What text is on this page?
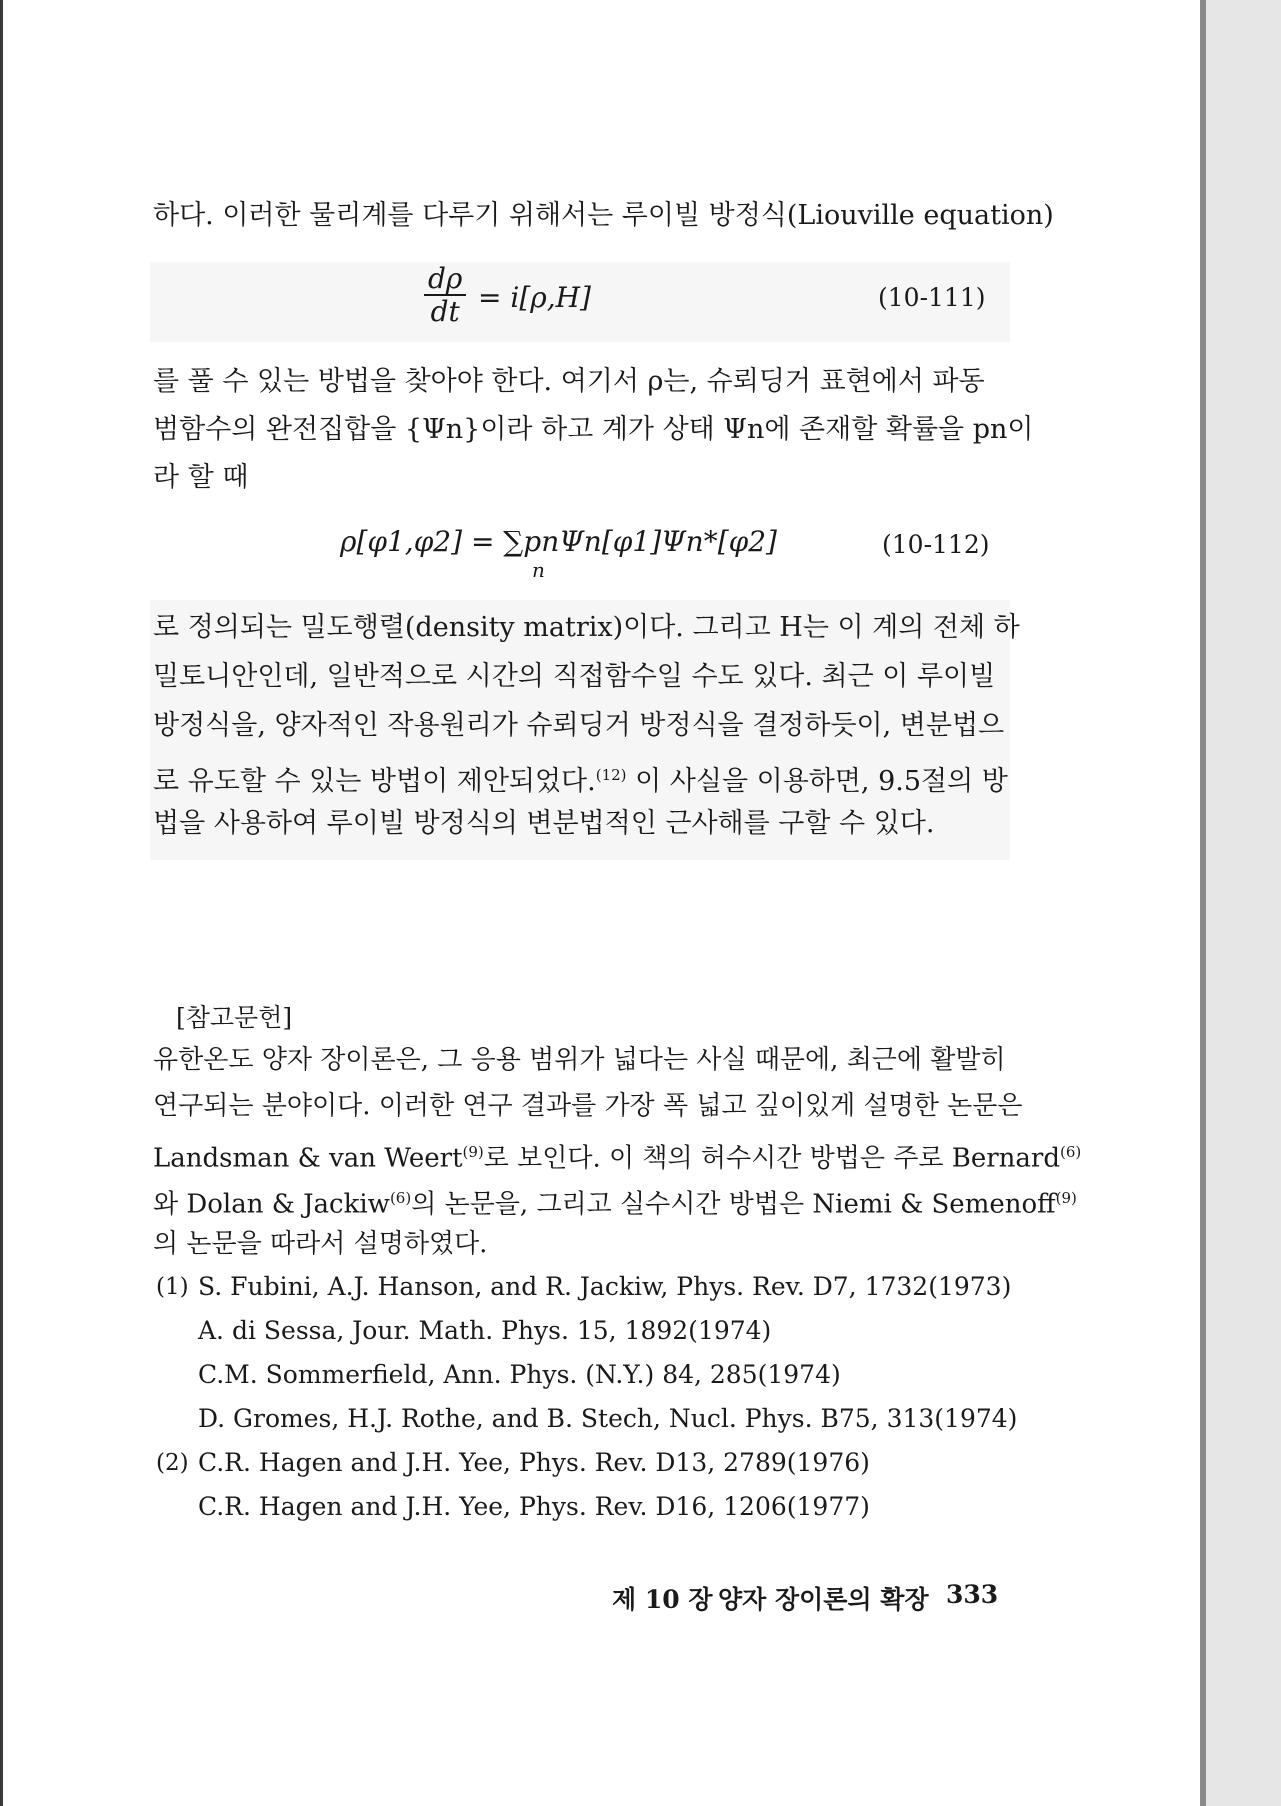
하다. 이러한 물리계를 다루기 위해서는 루이빌 방정식(Liouville equation)
$\frac{d\rho}{dt} = i[\rho,H]$	(10-111)
를 풀 수 있는 방법을 찾아야 한다. 여기서 ρ는, 슈뢰딩거 표현에서 파동
범함수의 완전집합을 {Ψn}이라 하고 계가 상태 Ψn에 존재할 확률을 pn이
라 할 때
ρ[φ1,φ2] = ∑pnΨn[φ1]Ψn*[φ2]
n
(10-112)
로 정의되는 밀도행렬(density matrix)이다. 그리고 H는 이 계의 전체 하
밀토니안인데, 일반적으로 시간의 직접함수일 수도 있다. 최근 이 루이빌
방정식을, 양자적인 작용원리가 슈뢰딩거 방정식을 결정하듯이, 변분법으
로 유도할 수 있는 방법이 제안되었다.$^{(12)}$ 이 사실을 이용하면, 9.5절의 방
법을 사용하여 루이빌 방정식의 변분법적인 근사해를 구할 수 있다.
[참고문헌]
유한온도 양자 장이론은, 그 응용 범위가 넓다는 사실 때문에, 최근에 활발히
연구되는 분야이다. 이러한 연구 결과를 가장 폭 넓고 깊이있게 설명한 논문은
Landsman & van Weert$^{(9)}$로 보인다. 이 책의 허수시간 방법은 주로 Bernard$^{(6)}$
와 Dolan & Jackiw$^{(6)}$의 논문을, 그리고 실수시간 방법은 Niemi & Semenoff$^{(9)}$
의 논문을 따라서 설명하였다.
(1) S. Fubini, A.J. Hanson, and R. Jackiw, Phys. Rev. D7, 1732(1973)
A. di Sessa, Jour. Math. Phys. 15, 1892(1974)
C.M. Sommerfield, Ann. Phys. (N.Y.) 84, 285(1974)
D. Gromes, H.J. Rothe, and B. Stech, Nucl. Phys. B75, 313(1974)
(2) C.R. Hagen and J.H. Yee, Phys. Rev. D13, 2789(1976)
C.R. Hagen and J.H. Yee, Phys. Rev. D16, 1206(1977)
제 10 장 양자 장이론의 확장 333
